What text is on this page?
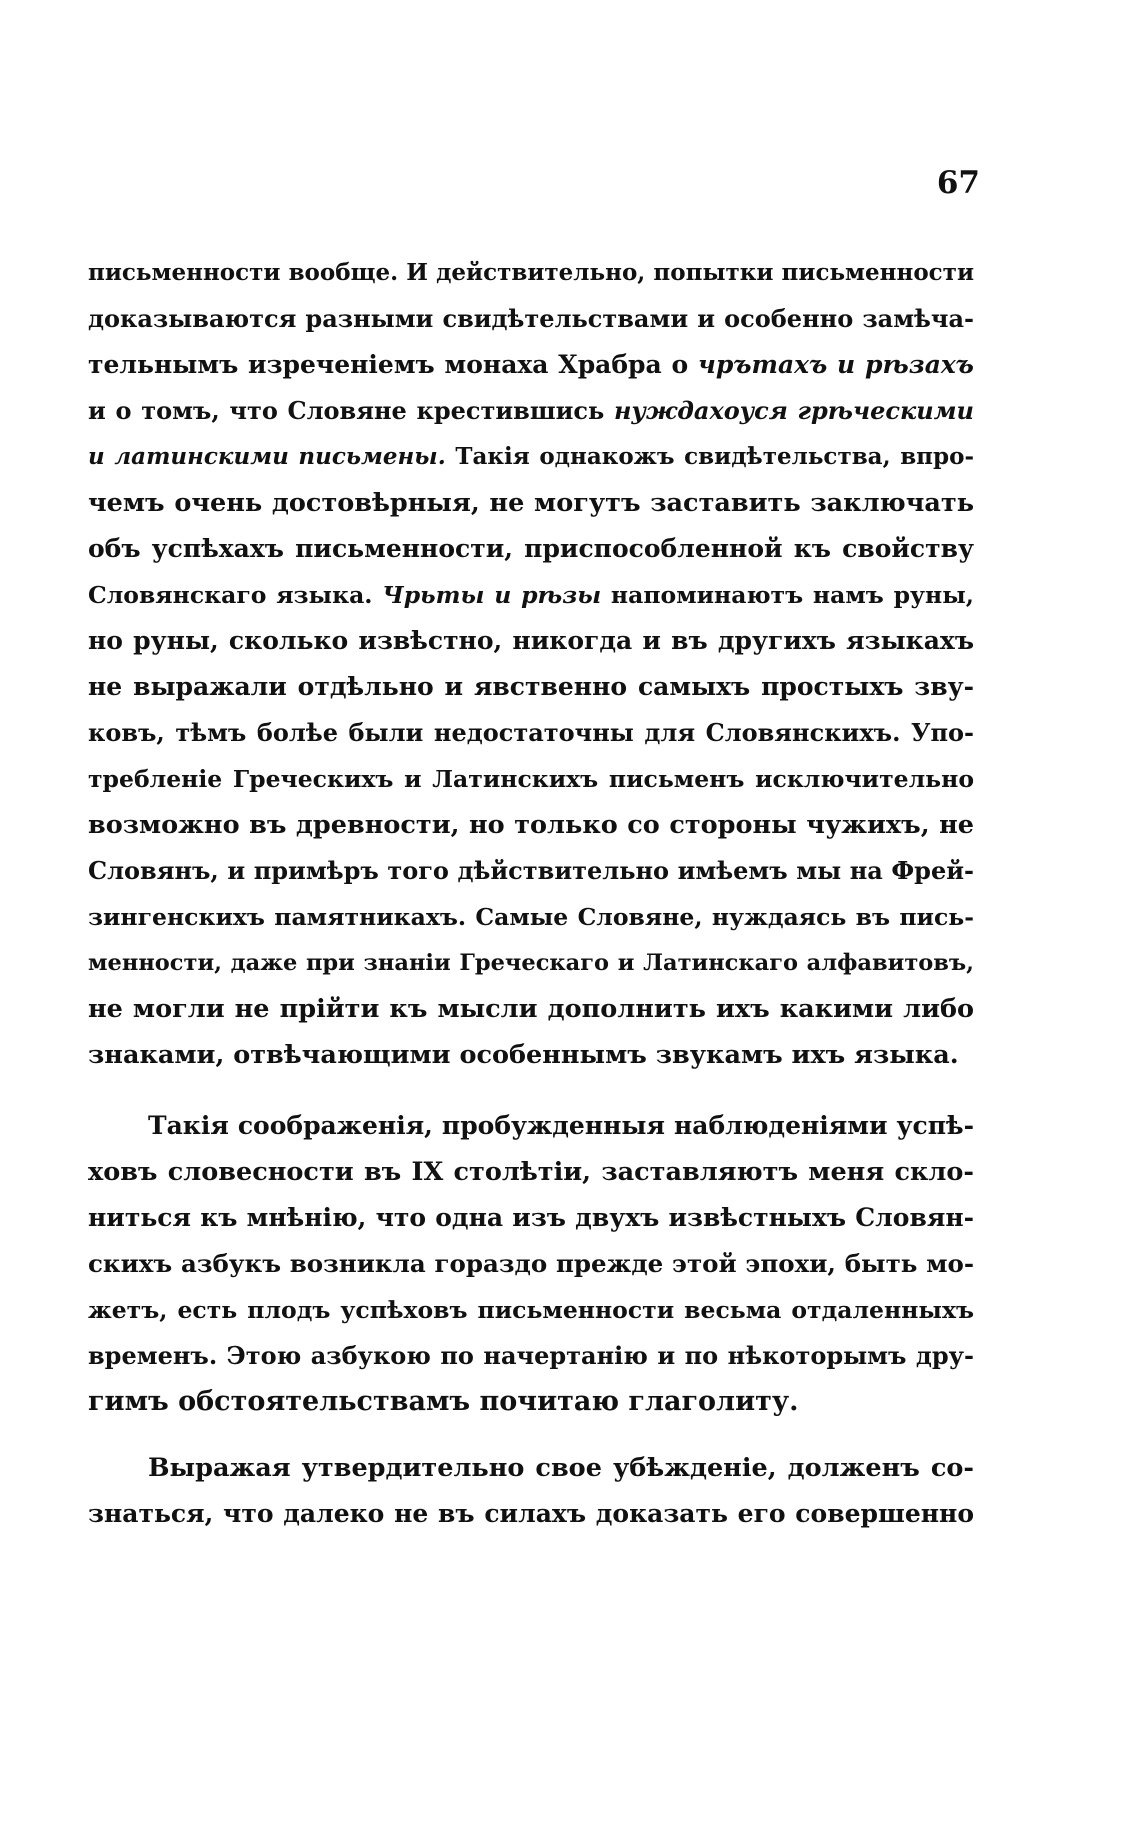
67
письменности вообще. И действительно, попытки письменности
доказываются разными свидѣтельствами и особенно замѣча-
тельнымъ изреченiемъ монаха Храбра о чрътахъ и рѣзахъ
и о томъ, что Словяне крестившись нуждахоуся грѣческими
и латинскими письмены. Такiя однакожъ свидѣтельства, впро-
чемъ очень достовѣрныя, не могутъ заставить заключать
объ успѣхахъ письменности, приспособленной къ свойству
Словянскаго языка. Чрьты и рѣзы напоминаютъ намъ руны,
но руны, сколько извѣстно, никогда и въ другихъ языкахъ
не выражали отдѣльно и явственно самыхъ простыхъ зву-
ковъ, тѣмъ болѣе были недостаточны для Словянскихъ. Упо-
требленiе Греческихъ и Латинскихъ письменъ исключительно
возможно въ древности, но только со стороны чужихъ, не
Словянъ, и примѣръ того дѣйствительно имѣемъ мы на Фрей-
зингенскихъ памятникахъ. Самые Словяне, нуждаясь въ пись-
менности, даже при знанiи Греческаго и Латинскаго алфавитовъ,
не могли не прiйти къ мысли дополнить ихъ какими либо
знаками, отвѣчающими особеннымъ звукамъ ихъ языка.
Такiя соображенiя, пробужденныя наблюденiями успѣ-
ховъ словесности въ IX столѣтiи, заставляютъ меня скло-
ниться къ мнѣнiю, что одна изъ двухъ извѣстныхъ Словян-
скихъ азбукъ возникла гораздо прежде этой эпохи, быть мо-
жетъ, есть плодъ успѣховъ письменности весьма отдаленныхъ
временъ. Этою азбукою по начертанiю и по нѣкоторымъ дру-
гимъ обстоятельствамъ почитаю глаголиту.
Выражая утвердительно свое убѣжденiе, долженъ со-
знаться, что далеко не въ силахъ доказать его совершенно
